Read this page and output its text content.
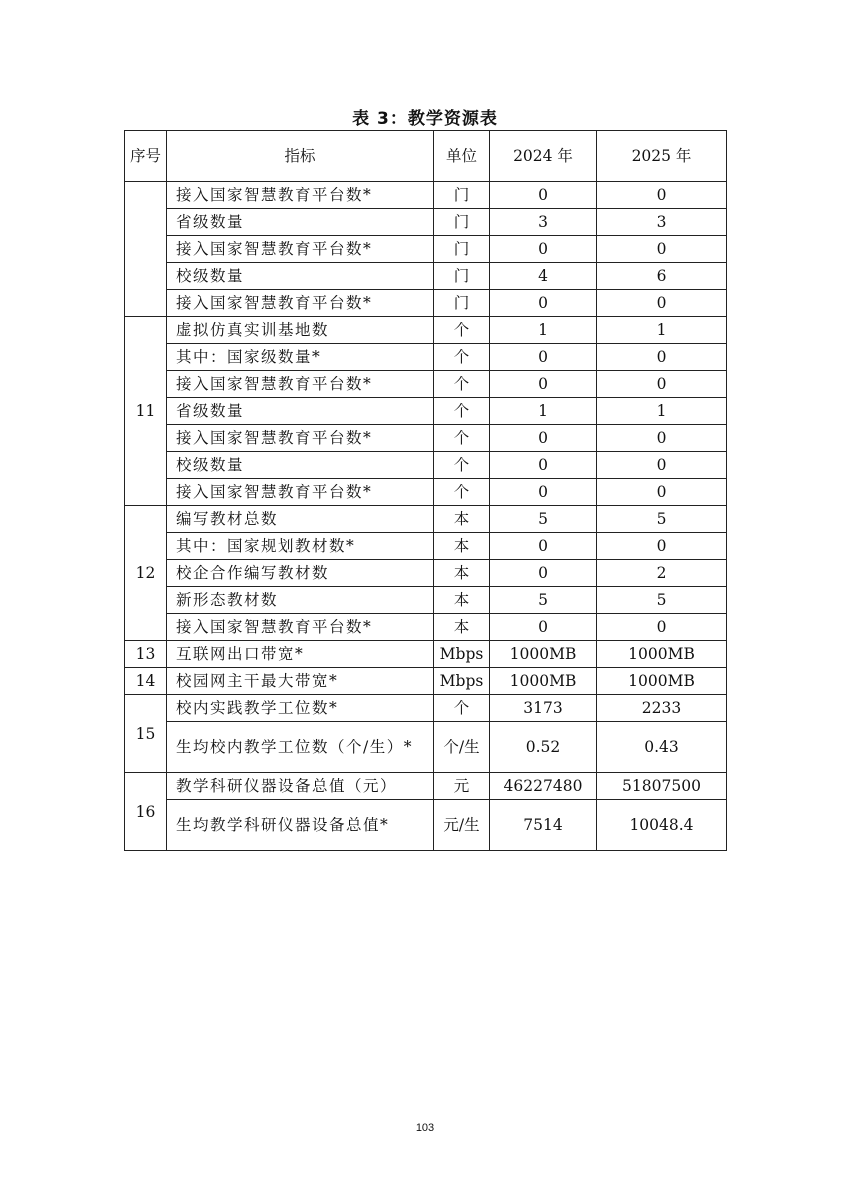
表 3：教学资源表
序号	指标	单位	2024 年	2025 年
	接入国家智慧教育平台数*	门	0	0
	省级数量	门	3	3
	接入国家智慧教育平台数*	门	0	0
	校级数量	门	4	6
	接入国家智慧教育平台数*	门	0	0
11	虚拟仿真实训基地数	个	1	1
	其中：国家级数量*	个	0	0
	接入国家智慧教育平台数*	个	0	0
	省级数量	个	1	1
	接入国家智慧教育平台数*	个	0	0
	校级数量	个	0	0
	接入国家智慧教育平台数*	个	0	0
12	编写教材总数	本	5	5
	其中：国家规划教材数*	本	0	0
	校企合作编写教材数	本	0	2
	新形态教材数	本	5	5
	接入国家智慧教育平台数*	本	0	0
13	互联网出口带宽*	Mbps	1000MB	1000MB
14	校园网主干最大带宽*	Mbps	1000MB	1000MB
15	校内实践教学工位数*	个	3173	2233
	生均校内教学工位数（个/生）*	个/生	0.52	0.43
16	教学科研仪器设备总值（元）	元	46227480	51807500
	生均教学科研仪器设备总值*	元/生	7514	10048.4
103
